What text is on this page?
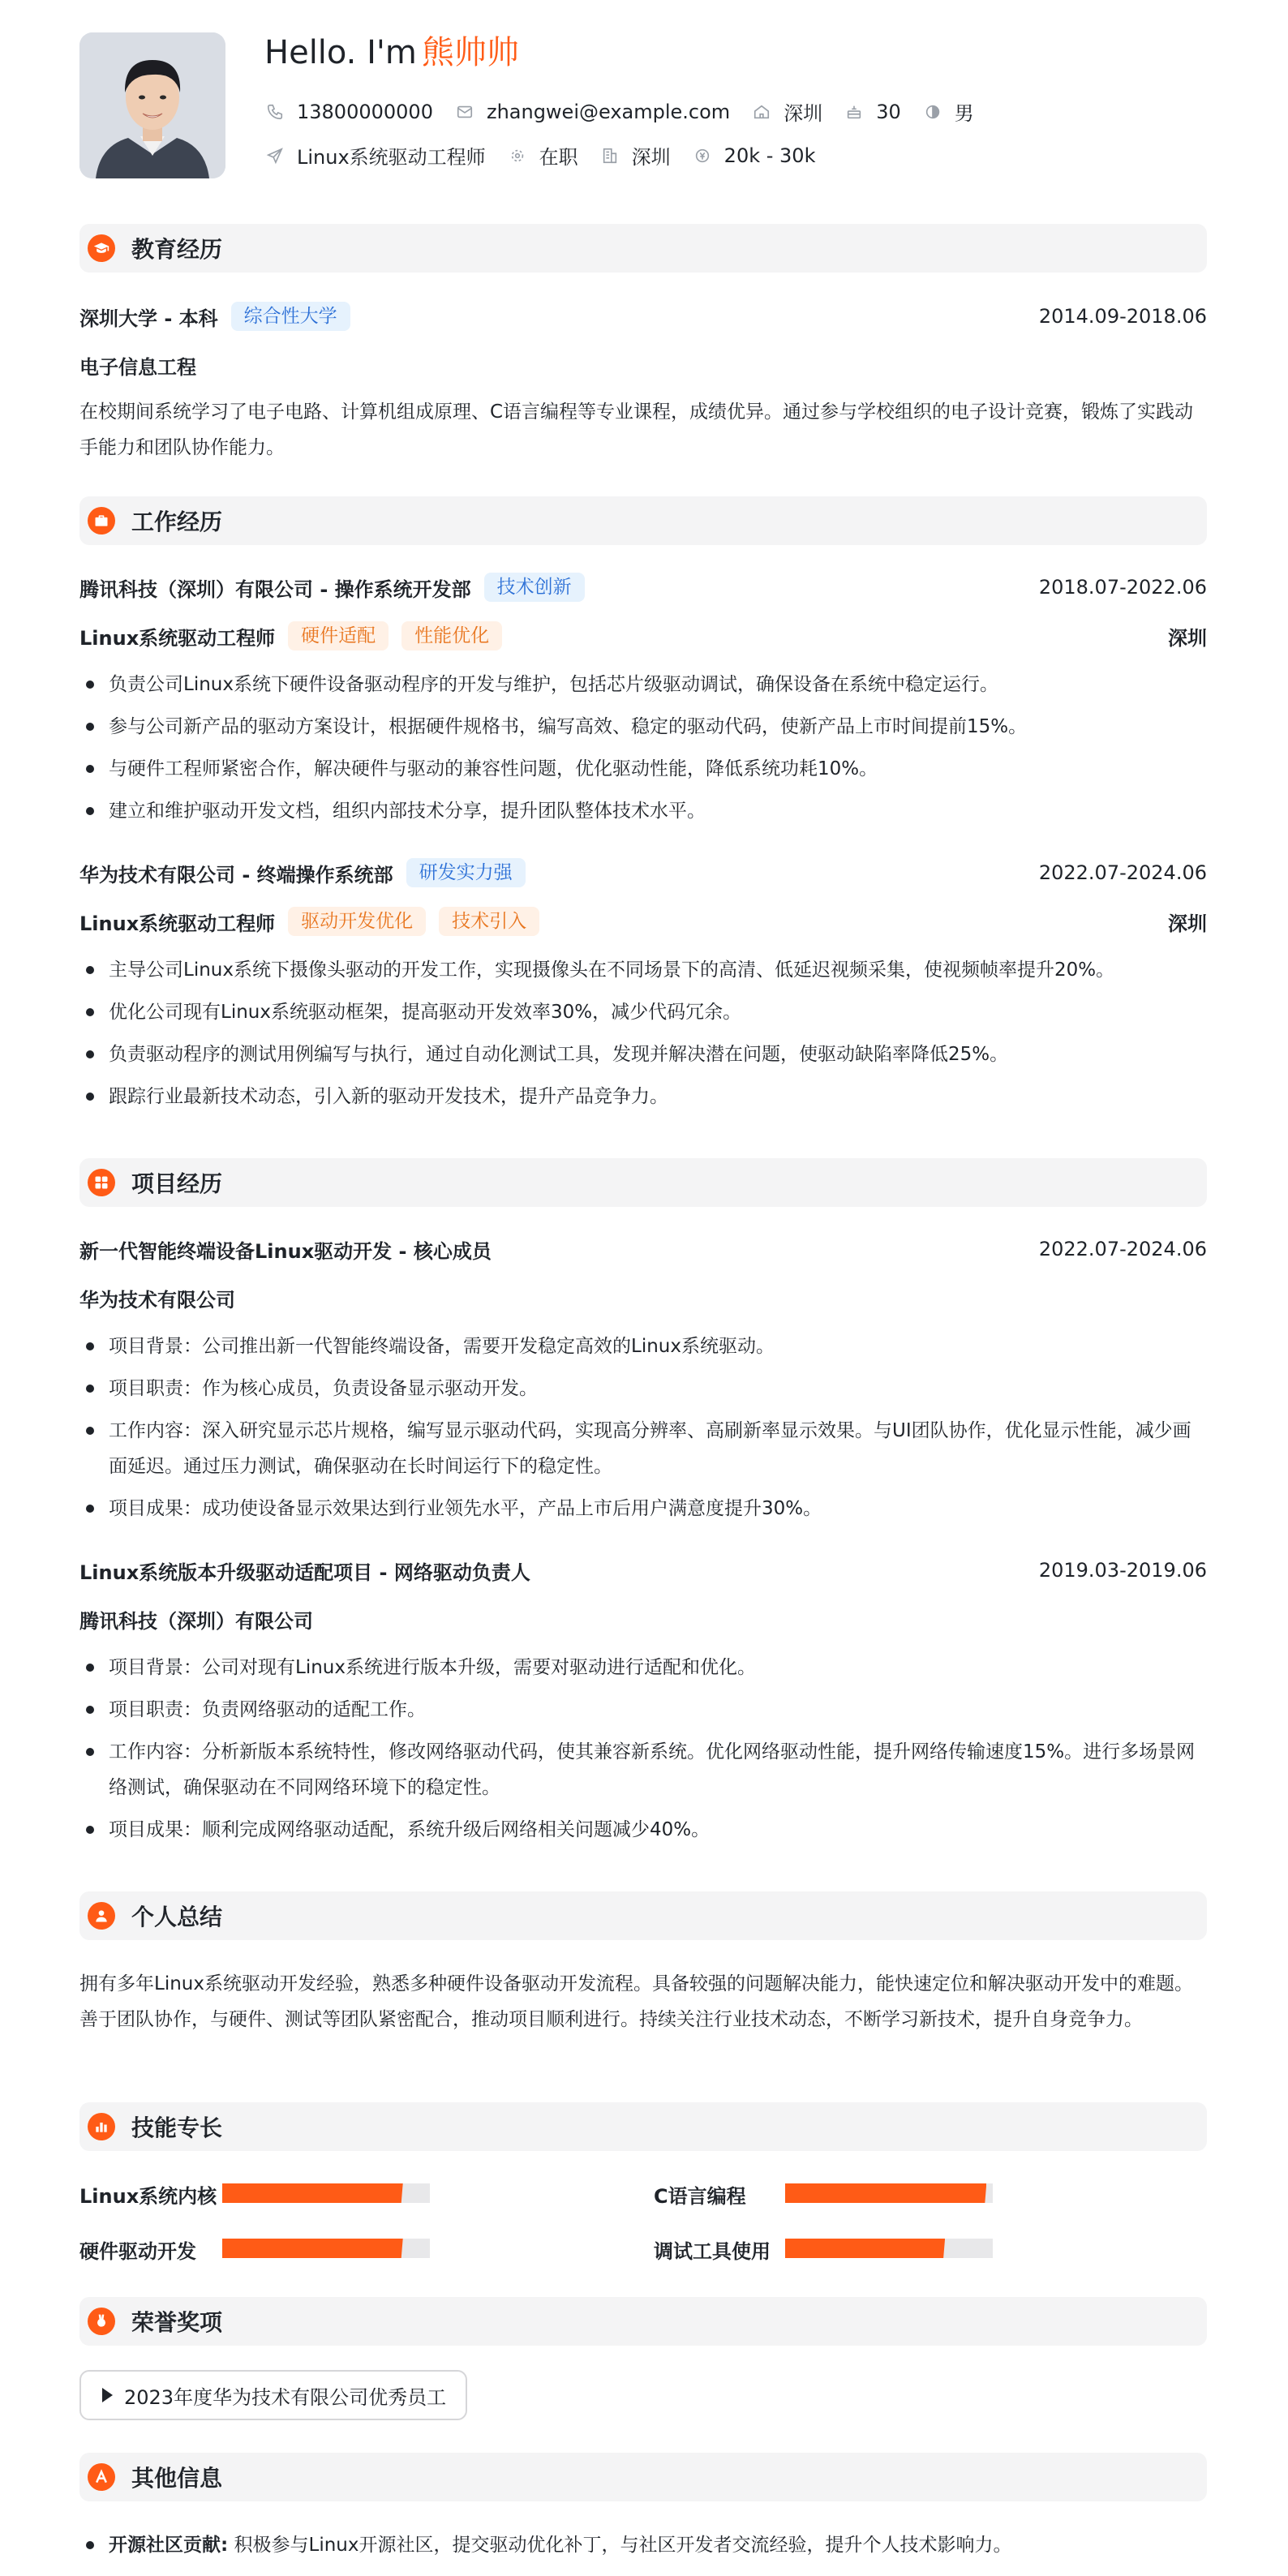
Hello. I'm 熊帅帅
13800000000	zhangwei@example.com	深圳	30	男
Linux系统驱动工程师	在职	深圳	20k - 30k
教育经历
深圳大学 - 本科	综合性大学	2014.09-2018.06
电子信息工程
在校期间系统学习了电子电路、计算机组成原理、C语言编程等专业课程，成绩优异。通过参与学校组织的电子设计竞赛，锻炼了实践动手能力和团队协作能力。
工作经历
腾讯科技（深圳）有限公司 - 操作系统开发部	技术创新	2018.07-2022.06
Linux系统驱动工程师	硬件适配	性能优化	深圳
负责公司Linux系统下硬件设备驱动程序的开发与维护，包括芯片级驱动调试，确保设备在系统中稳定运行。
参与公司新产品的驱动方案设计，根据硬件规格书，编写高效、稳定的驱动代码，使新产品上市时间提前15%。
与硬件工程师紧密合作，解决硬件与驱动的兼容性问题，优化驱动性能，降低系统功耗10%。
建立和维护驱动开发文档，组织内部技术分享，提升团队整体技术水平。
华为技术有限公司 - 终端操作系统部	研发实力强	2022.07-2024.06
Linux系统驱动工程师	驱动开发优化	技术引入	深圳
主导公司Linux系统下摄像头驱动的开发工作，实现摄像头在不同场景下的高清、低延迟视频采集，使视频帧率提升20%。
优化公司现有Linux系统驱动框架，提高驱动开发效率30%，减少代码冗余。
负责驱动程序的测试用例编写与执行，通过自动化测试工具，发现并解决潜在问题，使驱动缺陷率降低25%。
跟踪行业最新技术动态，引入新的驱动开发技术，提升产品竞争力。
项目经历
新一代智能终端设备Linux驱动开发 - 核心成员	2022.07-2024.06
华为技术有限公司
项目背景：公司推出新一代智能终端设备，需要开发稳定高效的Linux系统驱动。
项目职责：作为核心成员，负责设备显示驱动开发。
工作内容：深入研究显示芯片规格，编写显示驱动代码，实现高分辨率、高刷新率显示效果。与UI团队协作，优化显示性能，减少画面延迟。通过压力测试，确保驱动在长时间运行下的稳定性。
项目成果：成功使设备显示效果达到行业领先水平，产品上市后用户满意度提升30%。
Linux系统版本升级驱动适配项目 - 网络驱动负责人	2019.03-2019.06
腾讯科技（深圳）有限公司
项目背景：公司对现有Linux系统进行版本升级，需要对驱动进行适配和优化。
项目职责：负责网络驱动的适配工作。
工作内容：分析新版本系统特性，修改网络驱动代码，使其兼容新系统。优化网络驱动性能，提升网络传输速度15%。进行多场景网络测试，确保驱动在不同网络环境下的稳定性。
项目成果：顺利完成网络驱动适配，系统升级后网络相关问题减少40%。
个人总结
拥有多年Linux系统驱动开发经验，熟悉多种硬件设备驱动开发流程。具备较强的问题解决能力，能快速定位和解决驱动开发中的难题。善于团队协作，与硬件、测试等团队紧密配合，推动项目顺利进行。持续关注行业技术动态，不断学习新技术，提升自身竞争力。
技能专长
Linux系统内核	C语言编程
硬件驱动开发	调试工具使用
荣誉奖项
2023年度华为技术有限公司优秀员工
其他信息
开源社区贡献: 积极参与Linux开源社区，提交驱动优化补丁，与社区开发者交流经验，提升个人技术影响力。
